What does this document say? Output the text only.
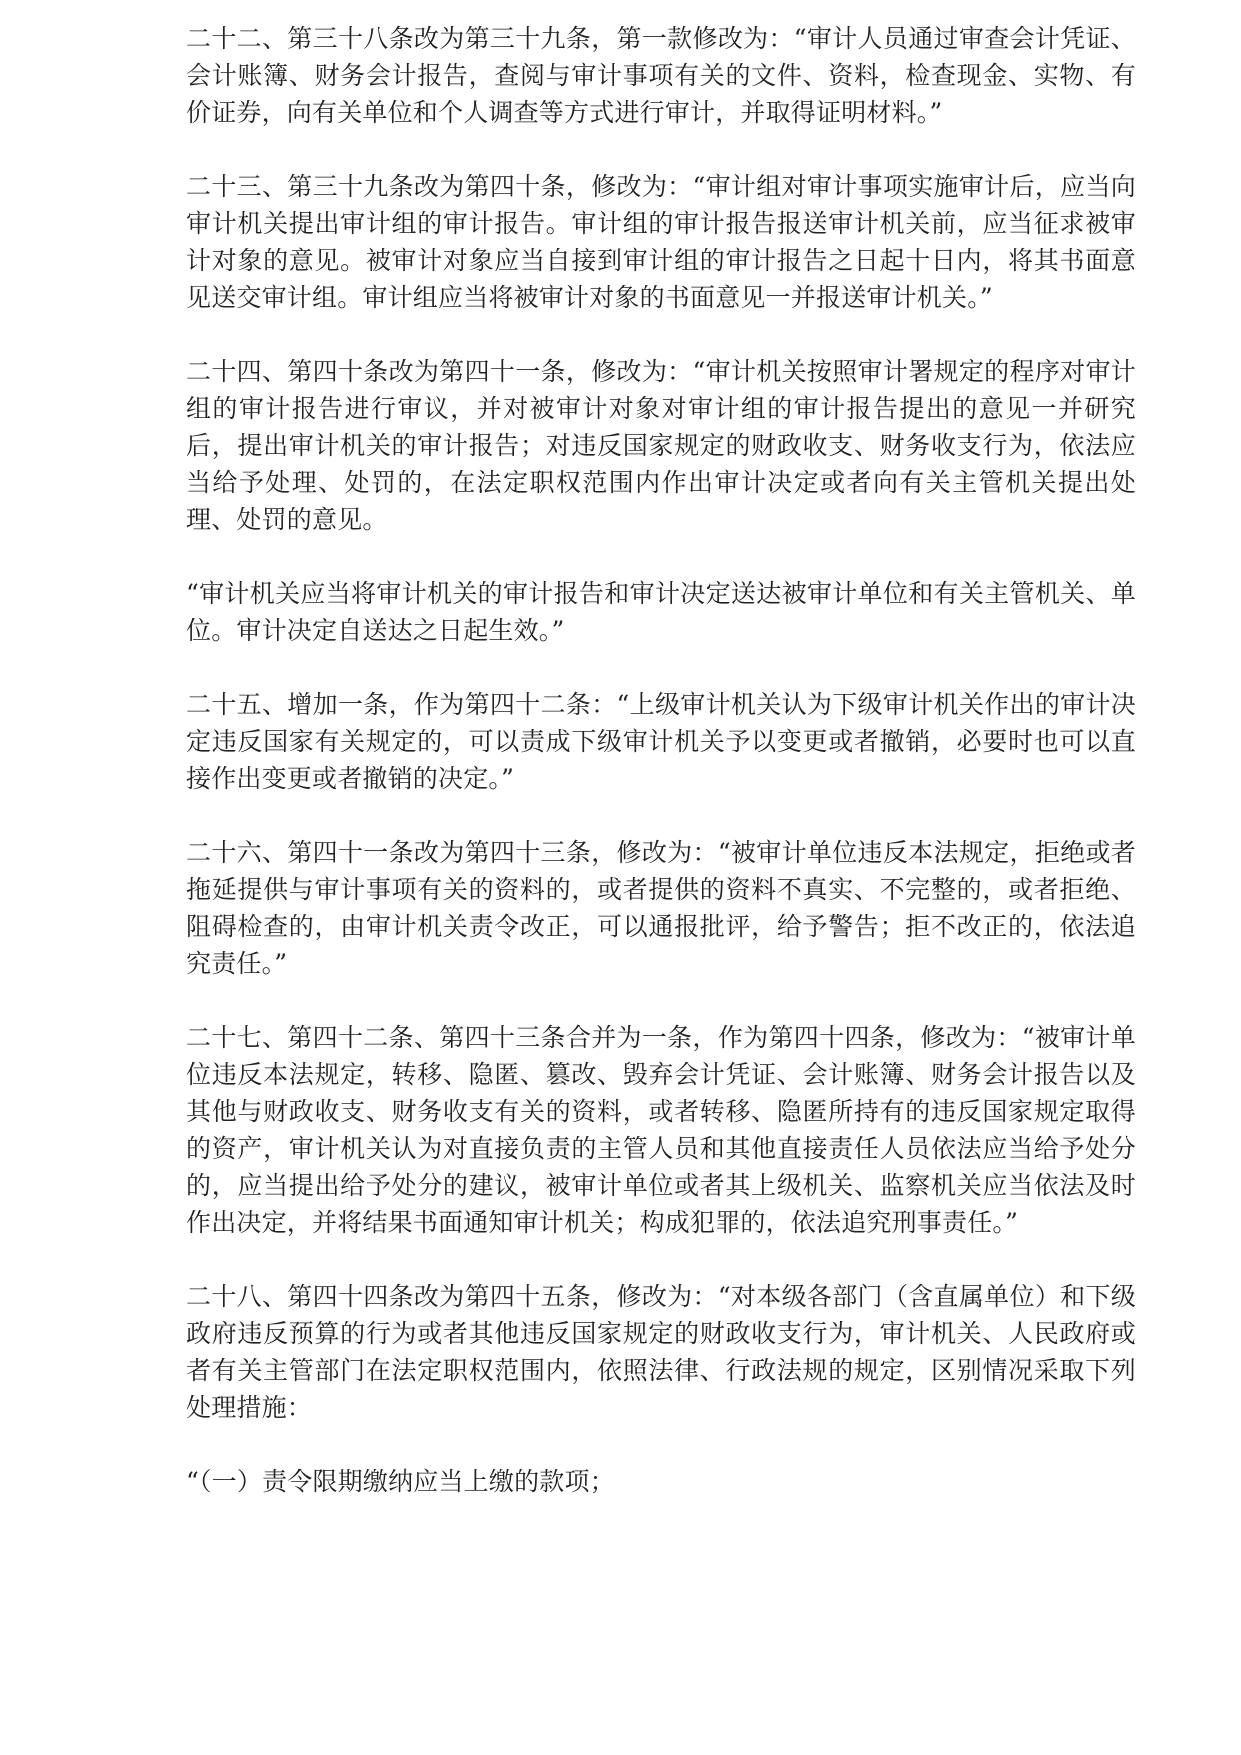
二十二、第三十八条改为第三十九条，第一款修改为：“审计人员通过审查会计凭证、会计账簿、财务会计报告，查阅与审计事项有关的文件、资料，检查现金、实物、有价证券，向有关单位和个人调查等方式进行审计，并取得证明材料。”

二十三、第三十九条改为第四十条，修改为：“审计组对审计事项实施审计后，应当向审计机关提出审计组的审计报告。审计组的审计报告报送审计机关前，应当征求被审计对象的意见。被审计对象应当自接到审计组的审计报告之日起十日内，将其书面意见送交审计组。审计组应当将被审计对象的书面意见一并报送审计机关。”

二十四、第四十条改为第四十一条，修改为：“审计机关按照审计署规定的程序对审计组的审计报告进行审议，并对被审计对象对审计组的审计报告提出的意见一并研究后，提出审计机关的审计报告；对违反国家规定的财政收支、财务收支行为，依法应当给予处理、处罚的，在法定职权范围内作出审计决定或者向有关主管机关提出处理、处罚的意见。

“审计机关应当将审计机关的审计报告和审计决定送达被审计单位和有关主管机关、单位。审计决定自送达之日起生效。”

二十五、增加一条，作为第四十二条：“上级审计机关认为下级审计机关作出的审计决定违反国家有关规定的，可以责成下级审计机关予以变更或者撤销，必要时也可以直接作出变更或者撤销的决定。”

二十六、第四十一条改为第四十三条，修改为：“被审计单位违反本法规定，拒绝或者拖延提供与审计事项有关的资料的，或者提供的资料不真实、不完整的，或者拒绝、阻碍检查的，由审计机关责令改正，可以通报批评，给予警告；拒不改正的，依法追究责任。”

二十七、第四十二条、第四十三条合并为一条，作为第四十四条，修改为：“被审计单位违反本法规定，转移、隐匿、篡改、毁弃会计凭证、会计账簿、财务会计报告以及其他与财政收支、财务收支有关的资料，或者转移、隐匿所持有的违反国家规定取得的资产，审计机关认为对直接负责的主管人员和其他直接责任人员依法应当给予处分的，应当提出给予处分的建议，被审计单位或者其上级机关、监察机关应当依法及时作出决定，并将结果书面通知审计机关；构成犯罪的，依法追究刑事责任。”

二十八、第四十四条改为第四十五条，修改为：“对本级各部门（含直属单位）和下级政府违反预算的行为或者其他违反国家规定的财政收支行为，审计机关、人民政府或者有关主管部门在法定职权范围内，依照法律、行政法规的规定，区别情况采取下列处理措施：

“（一）责令限期缴纳应当上缴的款项；
